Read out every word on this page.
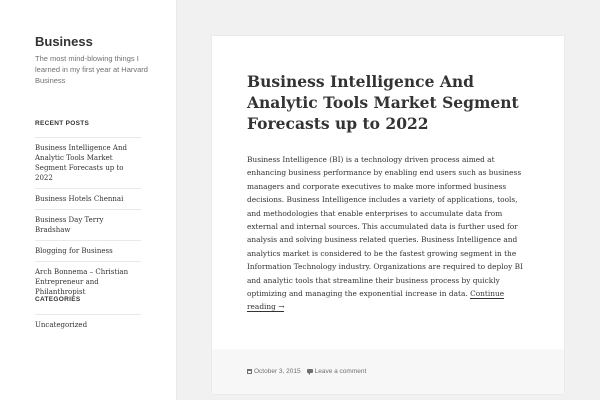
Business
The most mind-blowing things I learned in my first year at Harvard Business
RECENT POSTS
Business Intelligence And Analytic Tools Market Segment Forecasts up to 2022
Business Hotels Chennai
Business Day Terry Bradshaw
Blogging for Business
Arch Bonnema – Christian Entrepreneur and Philanthropist
CATEGORIES
Uncategorized
Business Intelligence And Analytic Tools Market Segment Forecasts up to 2022

Business Intelligence (BI) is a technology driven process aimed at enhancing business performance by enabling end users such as business managers and corporate executives to make more informed business decisions. Business Intelligence includes a variety of applications, tools, and methodologies that enable enterprises to accumulate data from external and internal sources. This accumulated data is further used for analysis and solving business related queries. Business Intelligence and analytics market is considered to be the fastest growing segment in the Information Technology industry. Organizations are required to deploy BI and analytic tools that streamline their business process by quickly optimizing and managing the exponential increase in data. Continue reading →

October 3, 2015 Leave a comment
